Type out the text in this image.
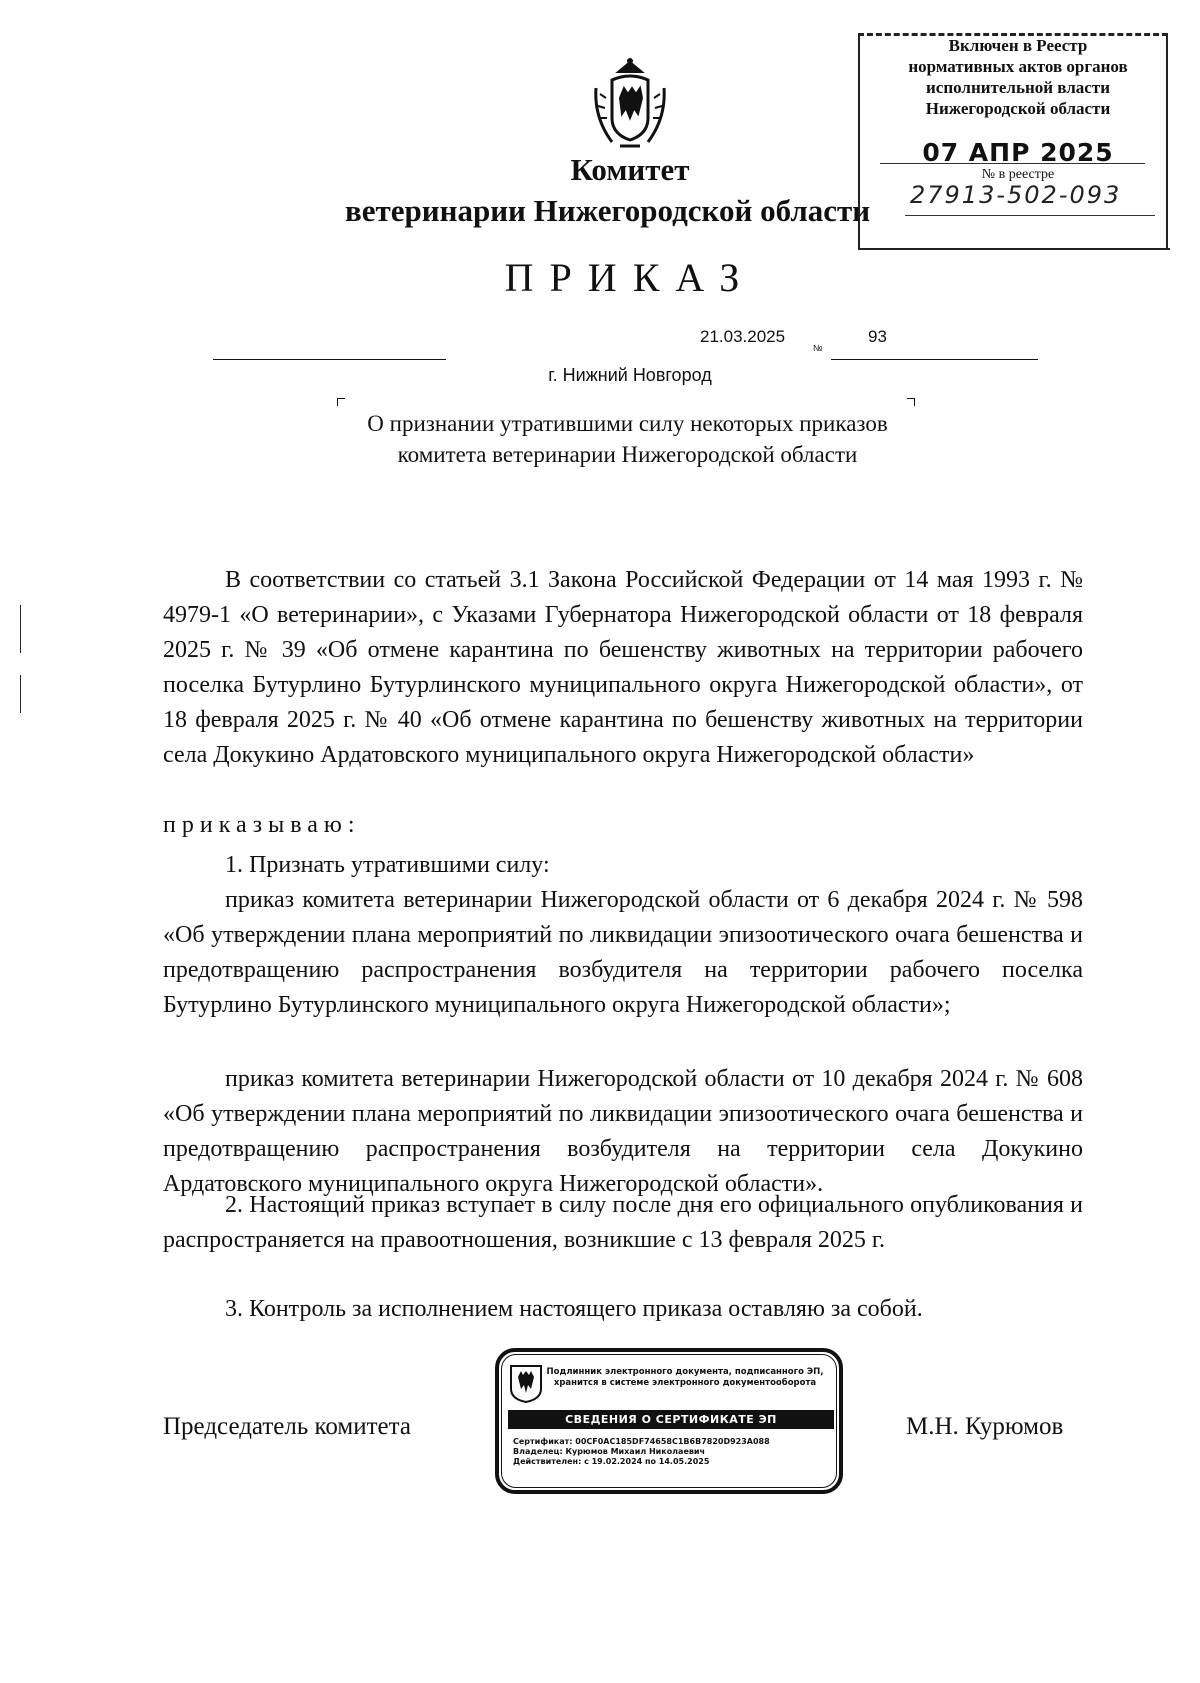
Комитет
ветеринарии Нижегородской области
ПРИКАЗ
Включен в Реестр
нормативных актов органов
исполнительной власти
Нижегородской области
07 АПР 2025
№ в реестре
27913-502-093
21.03.2025
№
93
г. Нижний Новгород
О признании утратившими силу некоторых приказов комитета ветеринарии Нижегородской области
В соответствии со статьей 3.1 Закона Российской Федерации от 14 мая 1993 г. № 4979-1 «О ветеринарии», с Указами Губернатора Нижегородской области от 18 февраля 2025 г. № 39 «Об отмене карантина по бешенству животных на территории рабочего поселка Бутурлино Бутурлинского муниципального округа Нижегородской области», от 18 февраля 2025 г. № 40 «Об отмене карантина по бешенству животных на территории села Докукино Ардатовского муниципального округа Нижегородской области»
приказываю:
1. Признать утратившими силу:
приказ комитета ветеринарии Нижегородской области от 6 декабря 2024 г. № 598 «Об утверждении плана мероприятий по ликвидации эпизоотического очага бешенства и предотвращению распространения возбудителя на территории рабочего поселка Бутурлино Бутурлинского муниципального округа Нижегородской области»;
приказ комитета ветеринарии Нижегородской области от 10 декабря 2024 г. № 608 «Об утверждении плана мероприятий по ликвидации эпизоотического очага бешенства и предотвращению распространения возбудителя на территории села Докукино Ардатовского муниципального округа Нижегородской области».
2. Настоящий приказ вступает в силу после дня его официального опубликования и распространяется на правоотношения, возникшие с 13 февраля 2025 г.
3. Контроль за исполнением настоящего приказа оставляю за собой.
Председатель комитета	М.Н. Курюмов
Подлинник электронного документа, подписанного ЭП, хранится в системе электронного документооборота
СВЕДЕНИЯ О СЕРТИФИКАТЕ ЭП
Сертификат: 00CF0AC185DF74658C1B6B7820D923A088
Владелец: Курюмов Михаил Николаевич
Действителен: с 19.02.2024 по 14.05.2025
